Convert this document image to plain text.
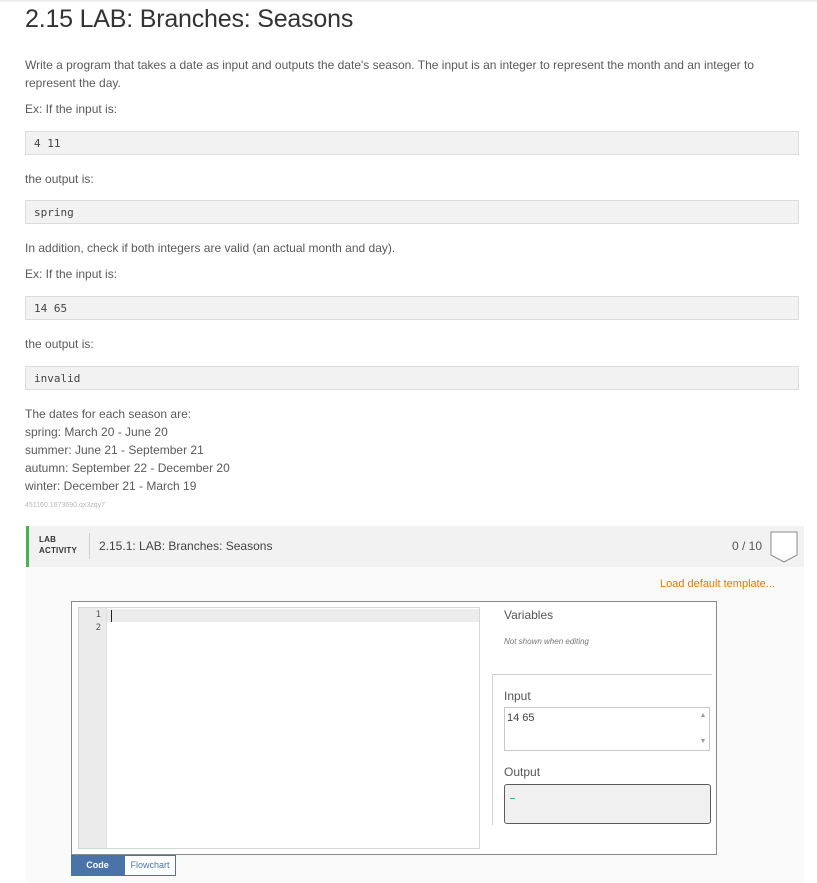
2.15 LAB: Branches: Seasons

Write a program that takes a date as input and outputs the date's season. The input is an integer to represent the month and an integer to represent the day.

Ex: If the input is:

4 11

the output is:

spring

In addition, check if both integers are valid (an actual month and day).

Ex: If the input is:

14 65

the output is:

invalid
The dates for each season are:
spring: March 20 - June 20
summer: June 21 - September 21
autumn: September 22 - December 20
winter: December 21 - March 19
451160.1673690.qx3zqy7
LAB
ACTIVITY 2.15.1: LAB: Branches: Seasons	0 / 10
Load default template...
1
2
Variables
Not shown when editing
Input
14 65
▲
▼
Output
Code	Flowchart
